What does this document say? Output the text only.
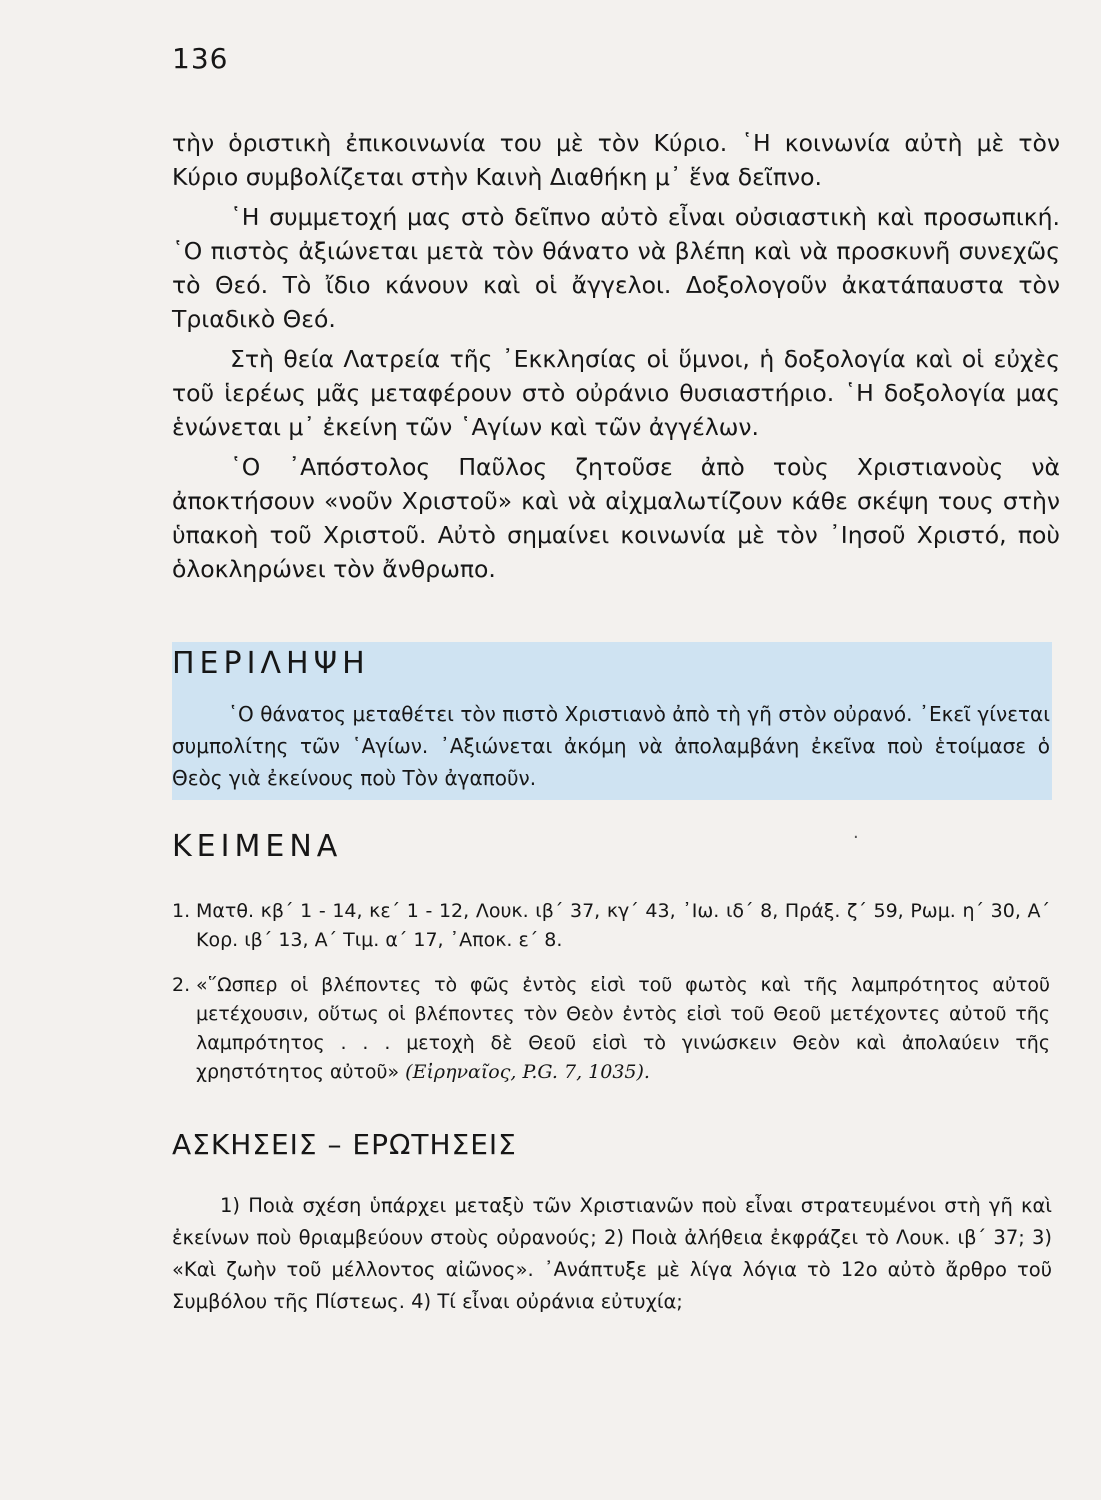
136

τὴν ὁριστικὴ ἐπικοινωνία του μὲ τὸν Κύριο. ῾Η κοινωνία αὐτὴ μὲ τὸν Κύριο συμβολίζεται στὴν Καινὴ Διαθήκη μ᾽ ἕνα δεῖπνο.

῾Η συμμετοχή μας στὸ δεῖπνο αὐτὸ εἶναι οὐσιαστικὴ καὶ προσωπική. ῾Ο πιστὸς ἀξιώνεται μετὰ τὸν θάνατο νὰ βλέπη καὶ νὰ προσκυνῆ συνεχῶς τὸ Θεό. Τὸ ἴδιο κάνουν καὶ οἱ ἄγγελοι. Δοξολογοῦν ἀκατάπαυστα τὸν Τριαδικὸ Θεό.

Στὴ θεία Λατρεία τῆς ᾽Εκκλησίας οἱ ὕμνοι, ἡ δοξολογία καὶ οἱ εὐχὲς τοῦ ἱερέως μᾶς μεταφέρουν στὸ οὐράνιο θυσιαστήριο. ῾Η δοξολογία μας ἑνώνεται μ᾽ ἐκείνη τῶν ῾Αγίων καὶ τῶν ἀγγέλων.

῾Ο ᾽Απόστολος Παῦλος ζητοῦσε ἀπὸ τοὺς Χριστιανοὺς νὰ ἀποκτήσουν «νοῦν Χριστοῦ» καὶ νὰ αἰχμαλωτίζουν κάθε σκέψη τους στὴν ὑπακοὴ τοῦ Χριστοῦ. Αὐτὸ σημαίνει κοινωνία μὲ τὸν ᾽Ιησοῦ Χριστό, ποὺ ὁλοκληρώνει τὸν ἄνθρωπο.

ΠΕΡΙΛΗΨΗ

῾Ο θάνατος μεταθέτει τὸν πιστὸ Χριστιανὸ ἀπὸ τὴ γῆ στὸν οὐρανό. ᾽Εκεῖ γίνεται συμπολίτης τῶν ῾Αγίων. ᾽Αξιώνεται ἀκόμη νὰ ἀπολαμβάνη ἐκεῖνα ποὺ ἑτοίμασε ὁ Θεὸς γιὰ ἐκείνους ποὺ Τὸν ἀγαποῦν.

ΚΕΙΜΕΝΑ	·
1. Ματθ. κβ΄ 1 - 14, κε΄ 1 - 12, Λουκ. ιβ΄ 37, κγ΄ 43, ᾽Ιω. ιδ΄ 8, Πράξ. ζ΄ 59, Ρωμ. η΄ 30, Α΄ Κορ. ιβ΄ 13, Α΄ Τιμ. α΄ 17, ᾽Αποκ. ε΄ 8.
2. «῞Ωσπερ οἱ βλέποντες τὸ φῶς ἐντὸς εἰσὶ τοῦ φωτὸς καὶ τῆς λαμπρότητος αὐτοῦ μετέχουσιν, οὕτως οἱ βλέποντες τὸν Θεὸν ἐντὸς εἰσὶ τοῦ Θεοῦ μετέχοντες αὐτοῦ τῆς λαμπρότητος . . . μετοχὴ δὲ Θεοῦ εἰσὶ τὸ γινώσκειν Θεὸν καὶ ἀπολαύειν τῆς χρηστότητος αὐτοῦ» (Εἰρηναῖος, P.G. 7, 1035).
ΑΣΚΗΣΕΙΣ – ΕΡΩΤΗΣΕΙΣ

1) Ποιὰ σχέση ὑπάρχει μεταξὺ τῶν Χριστιανῶν ποὺ εἶναι στρατευμένοι στὴ γῆ καὶ ἐκείνων ποὺ θριαμβεύουν στοὺς οὐρανούς; 2) Ποιὰ ἀλήθεια ἐκφράζει τὸ Λουκ. ιβ΄ 37; 3) «Καὶ ζωὴν τοῦ μέλλοντος αἰῶνος». ᾽Ανάπτυξε μὲ λίγα λόγια τὸ 12ο αὐτὸ ἄρθρο τοῦ Συμβόλου τῆς Πίστεως. 4) Τί εἶναι οὐράνια εὐτυχία;
